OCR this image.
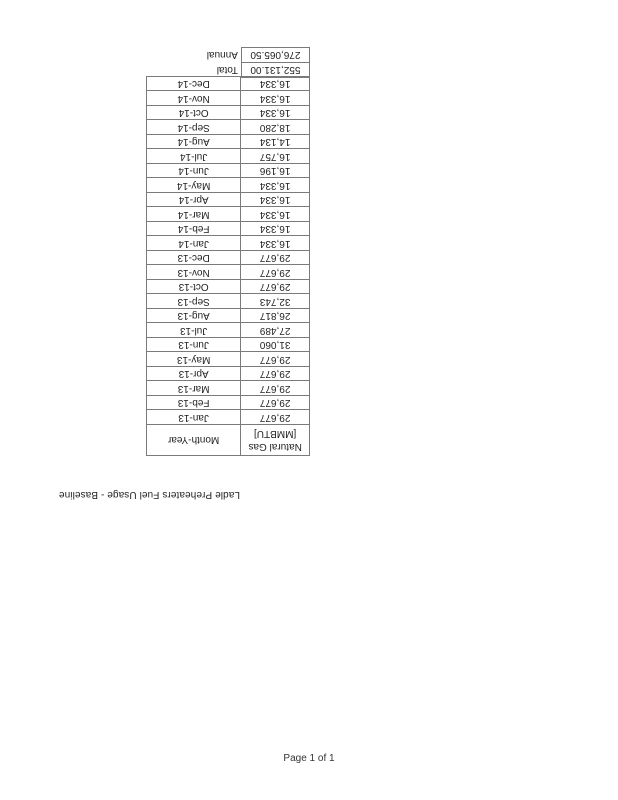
Ladle Preheaters Fuel Usage - Baseline
Natural Gas
[MMBTU]	Month-Year
29,677	Jan-13
29,677	Feb-13
29,677	Mar-13
29,677	Apr-13
29,677	May-13
31,060	Jun-13
27,489	Jul-13
26,817	Aug-13
32,743	Sep-13
29,677	Oct-13
29,677	Nov-13
29,677	Dec-13
16,334	Jan-14
16,334	Feb-14
16,334	Mar-14
16,334	Apr-14
16,334	May-14
16,196	Jun-14
16,757	Jul-14
14,134	Aug-14
18,280	Sep-14
16,334	Oct-14
16,334	Nov-14
16,334	Dec-14
552,131.00	Total
276,065.50	Annual
Page 1 of 1
